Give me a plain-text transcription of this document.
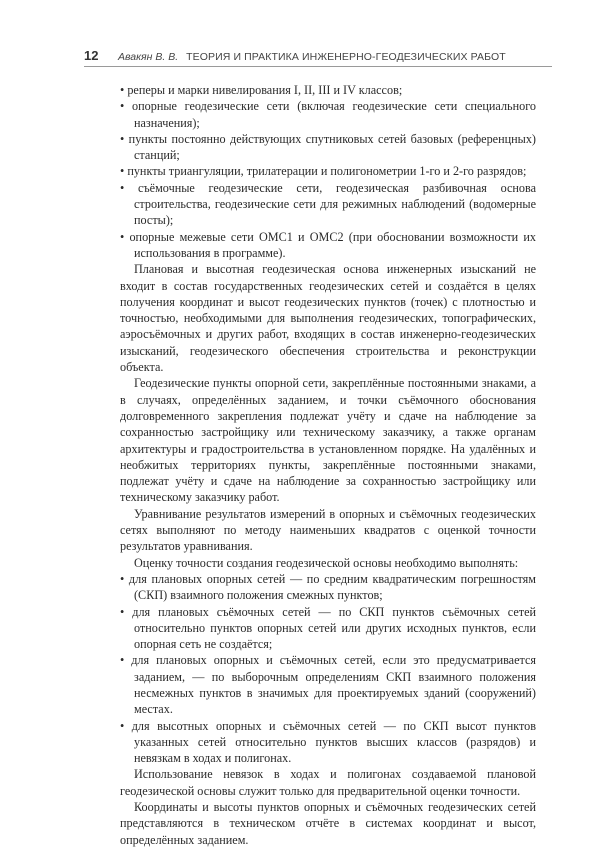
12	Авакян В. В. ТЕОРИЯ И ПРАКТИКА ИНЖЕНЕРНО-ГЕОДЕЗИЧЕСКИХ РАБОТ

• реперы и марки нивелирования I, II, III и IV классов;

• опорные геодезические сети (включая геодезические сети специального назначения);

• пункты постоянно действующих спутниковых сетей базовых (референцных) станций;

• пункты триангуляции, трилатерации и полигонометрии 1-го и 2-го разрядов;

• съёмочные геодезические сети, геодезическая разбивочная основа строительства, геодезические сети для режимных наблюдений (водомерные посты);

• опорные межевые сети ОМС1 и ОМС2 (при обосновании возможности их использования в программе).

Плановая и высотная геодезическая основа инженерных изысканий не входит в состав государственных геодезических сетей и создаётся в целях получения координат и высот геодезических пунктов (точек) с плотностью и точностью, необходимыми для выполнения геодезических, топографических, аэросъёмочных и других работ, входящих в состав инженерно-геодезических изысканий, геодезического обеспечения строительства и реконструкции объекта.

Геодезические пункты опорной сети, закреплённые постоянными знаками, а в случаях, определённых заданием, и точки съёмочного обоснования долговременного закрепления подлежат учёту и сдаче на наблюдение за сохранностью застройщику или техническому заказчику, а также органам архитектуры и градостроительства в установленном порядке. На удалённых и необжитых территориях пункты, закреплённые постоянными знаками, подлежат учёту и сдаче на наблюдение за сохранностью застройщику или техническому заказчику работ.

Уравнивание результатов измерений в опорных и съёмочных геодезических сетях выполняют по методу наименьших квадратов с оценкой точности результатов уравнивания.

Оценку точности создания геодезической основы необходимо выполнять:

• для плановых опорных сетей — по средним квадратическим погрешностям (СКП) взаимного положения смежных пунктов;

• для плановых съёмочных сетей — по СКП пунктов съёмочных сетей относительно пунктов опорных сетей или других исходных пунктов, если опорная сеть не создаётся;

• для плановых опорных и съёмочных сетей, если это предусматривается заданием, — по выборочным определениям СКП взаимного положения несмежных пунктов в значимых для проектируемых зданий (сооружений) местах.

• для высотных опорных и съёмочных сетей — по СКП высот пунктов указанных сетей относительно пунктов высших классов (разрядов) и невязкам в ходах и полигонах.

Использование невязок в ходах и полигонах создаваемой плановой геодезической основы служит только для предварительной оценки точности.

Координаты и высоты пунктов опорных и съёмочных геодезических сетей представляются в техническом отчёте в системах координат и высот, определённых заданием.
